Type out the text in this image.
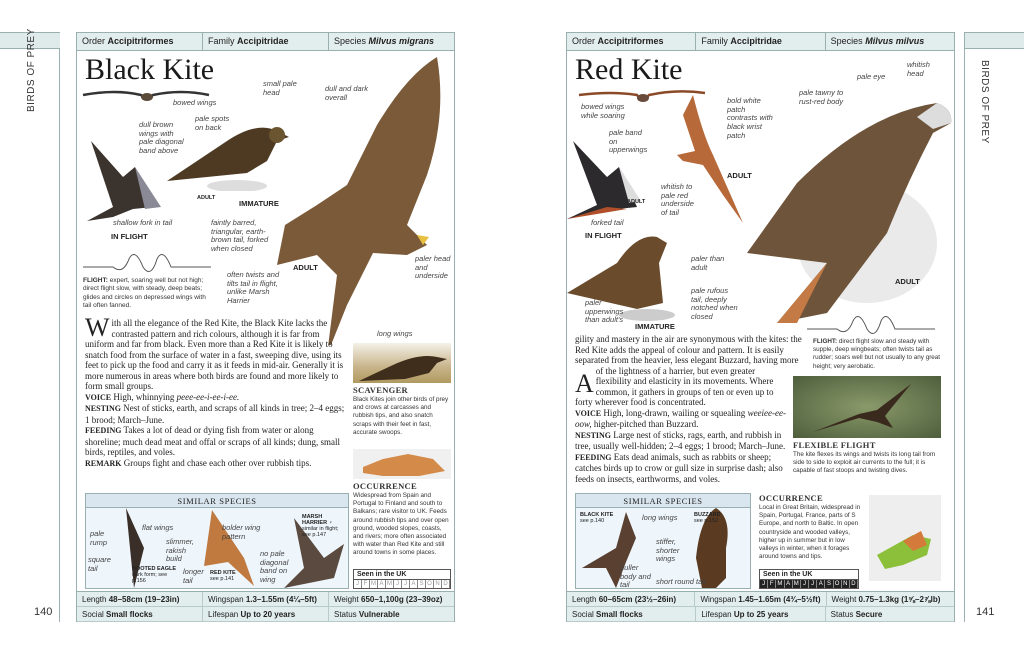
BIRDS OF PREY
140
BIRDS OF PREY
141
Order Accipitriformes	Family Accipitridae	Species Milvus migrans
Black Kite
bowed wings
small pale head	dull and dark overall
pale spots on back
dull brown wings with pale diagonal band above
ADULT
shallow fork in tail
IN FLIGHT
IMMATURE
faintly barred, triangular, earth-brown tail, forked when closed
ADULT
paler head and underside
often twists and tilts tail in flight, unlike Marsh Harrier
long wings
FLIGHT: expert, soaring well but not high; direct flight slow, with steady, deep beats; glides and circles on depressed wings with tail often fanned.
With all the elegance of the Red Kite, the Black Kite lacks the contrasted pattern and rich colours, although it is far from uniform and far from black. Even more than a Red Kite it is likely to snatch food from the surface of water in a fast, sweeping dive, using its feet to pick up the food and carry it as it feeds in mid-air. Generally it is more numerous in areas where both birds are found and more likely to form small groups.
VOICE High, whinnying peee-ee-i-ee-i-ee.
NESTING Nest of sticks, earth, and scraps of all kinds in tree; 2–4 eggs; 1 brood; March–June.
FEEDING Takes a lot of dead or dying fish from water or along shoreline; much dead meat and offal or scraps of all kinds; dung, small birds, reptiles, and voles.
REMARK Groups fight and chase each other over rubbish tips.
SCAVENGER
Black Kites join other birds of prey and crows at carcasses and rubbish tips, and also snatch scraps with their feet in fast, accurate swoops.
OCCURRENCE
Widespread from Spain and Portugal to Finland and south to Balkans; rare visitor to UK. Feeds around rubbish tips and over open ground, wooded slopes, coasts, and rivers; more often associated with water than Red Kite and still around towns in some places.
Seen in the UK
J F M A M J J A S O N D
SIMILAR SPECIES
pale rump
flat wings
square tail	BOOTED EAGLE
dark form; see p.156
slimmer, rakish build
bolder wing pattern
longer tail
RED KITE
see p.141
no pale diagonal band on wing
MARSH HARRIER ♀
similar in flight; see p.147
Length 48–58cm (19–23in)	Wingspan 1.3–1.55m (4¼–5ft)	Weight 650–1,100g (23–39oz)
Social Small flocks	Lifespan Up to 20 years	Status Vulnerable
Order Accipitriformes	Family Accipitridae	Species Milvus milvus
Red Kite
bowed wings while soaring
bold white patch contrasts with black wrist patch
pale eye
whitish head
pale tawny to rust-red body
pale band on upperwings
ADULT
forked tail
IN FLIGHT
whitish to pale red underside of tail
ADULT
ADULT
paler than adult
paler upperwings than adult's
IMMATURE
pale rufous tail, deeply notched when closed
FLIGHT: direct flight slow and steady with supple, deep wingbeats; often twists tail as rudder; soars well but not usually to any great height; very aerobatic.
A
gility and mastery in the air are synonymous with the kites: the Red Kite adds the appeal of colour and pattern. It is easily separated from the heavier, less elegant Buzzard, having more of the lightness of a harrier, but even greater flexibility and elasticity in its movements. Where common, it gathers in groups of ten or even up to forty wherever food is concentrated.
VOICE High, long-drawn, wailing or squealing weeiee-ee-oow, higher-pitched than Buzzard.
NESTING Large nest of sticks, rags, earth, and rubbish in tree, usually well-hidden; 2–4 eggs; 1 brood; March–June.
FEEDING Eats dead animals, such as rabbits or sheep; catches birds up to crow or gull size in surprise dash; also feeds on insects, earthworms, and voles.
FLEXIBLE FLIGHT
The kite flexes its wings and twists its long tail from side to side to exploit air currents to the full; it is capable of fast stoops and twisting dives.
SIMILAR SPECIES
BLACK KITE
see p.140	long wings	BUZZARD
see p.152
stiffer, shorter wings
duller body and tail	short round tail
OCCURRENCE
Local in Great Britain, widespread in Spain, Portugal, France, parts of S Europe, and north to Baltic. In open countryside and wooded valleys, higher up in summer but in low valleys in winter, when it forages around towns and tips.
Seen in the UK
J F M A M J J A S O N D
Length 60–65cm (23½–26in)	Wingspan 1.45–1.65m (4¾–5½ft)	Weight 0.75–1.3kg (1⅝–2⅞lb)
Social Small flocks	Lifespan Up to 25 years	Status Secure
